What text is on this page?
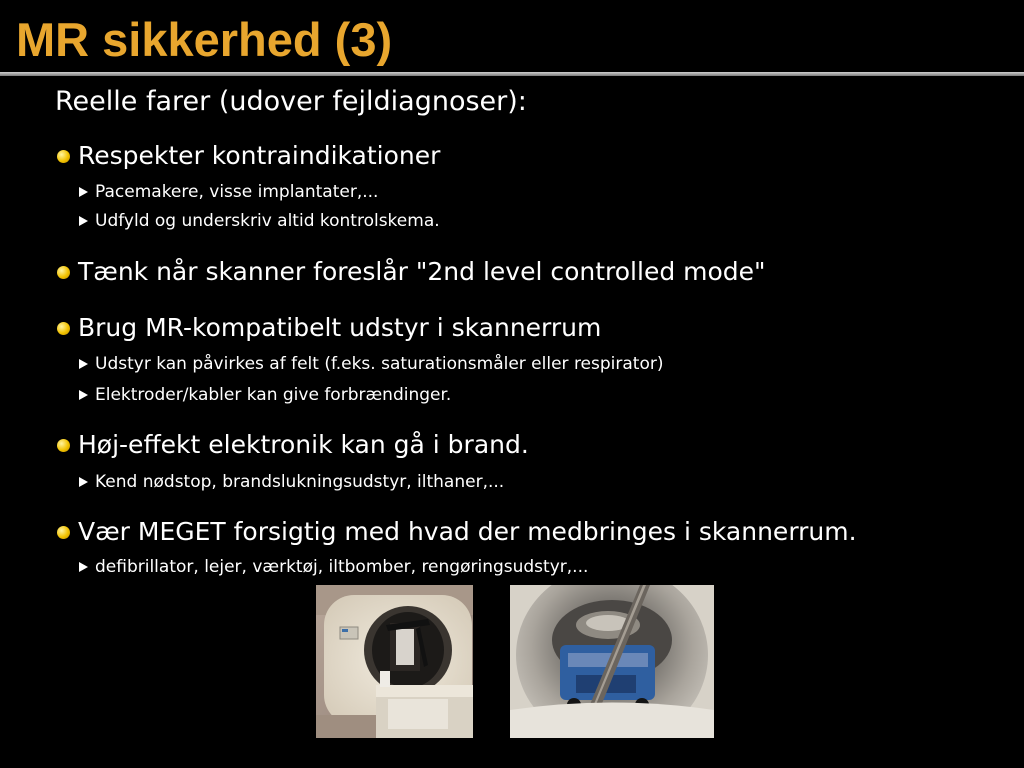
MR sikkerhed (3)
Reelle farer (udover fejldiagnoser):
Respekter kontraindikationer
Pacemakere, visse implantater,...
Udfyld og underskriv altid kontrolskema.
Tænk når skanner foreslår "2nd level controlled mode"
Brug MR-kompatibelt udstyr i skannerrum
Udstyr kan påvirkes af felt (f.eks. saturationsmåler eller respirator)
Elektroder/kabler kan give forbrændinger.
Høj-effekt elektronik kan gå i brand.
Kend nødstop, brandslukningsudstyr, ilthaner,...
Vær MEGET forsigtig med hvad der medbringes i skannerrum.
defibrillator, lejer, værktøj, iltbomber, rengøringsudstyr,...
